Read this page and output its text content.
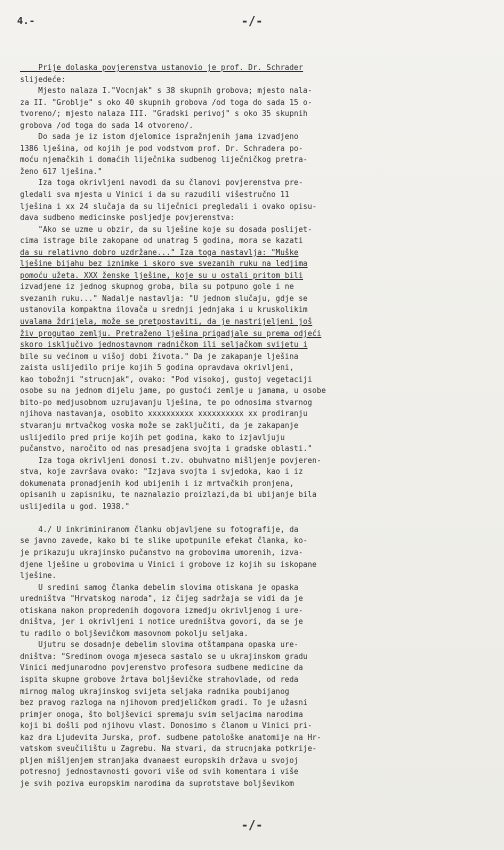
4.-	-/-
Prije dolaska povjerenstva ustanovio je prof. Dr. Schrader
slijedeće:
Mjesto nalaza I."Vocnjak" s 38 skupnih grobova; mjesto nala-
za II. "Groblje" s oko 40 skupnih grobova /od toga do sada 15 o-
tvoreno/; mjesto nalaza III. "Gradski perivoj" s oko 35 skupnih
grobova /od toga do sada 14 otvoreno/.
Do sada je iz istom djelomice ispražnjenih jama izvadjeno
1386 lješina, od kojih je pod vodstvom prof. Dr. Schradera po-
moću njemačkih i domaćih liječnika sudbenog liječničkog pretra-
ženo 617 lješina."
Iza toga okrivljeni navodi da su članovi povjerenstva pre-
gledali sva mjesta u Vinici i da su razudili višestručno 11
lješina i xx 24 slučaja da su liječnici pregledali i ovako opisu-
dava sudbeno medicinske posljedje povjerenstva:
"Ako se uzme u obzir, da su lješine koje su dosada poslijet-
cima istrage bile zakopane od unatrag 5 godina, mora se kazati
da su relativno dobro uzdržane..." Iza toga nastavlja: "Muške
lješine bijahu bez iznimke i skoro sve svezanih ruku na ledjima
pomoću užeta. XXX ženske lješine, koje su u ostali pritom bili
izvadjene iz jednog skupnog groba, bila su potpuno gole i ne
svezanih ruku..." Nadalje nastavlja: "U jednom slučaju, gdje se
ustanovila kompaktna ilovača u srednji jednjaka i u kruskolikim
uvalama ždrijela, može se pretpostaviti, da je nastrijeljeni još
živ progutao zemlju. Pretraženo lješina prigadjale su prema odjeći
skoro isključivo jednostavnom radničkom ili seljačkom svijetu i
bile su većinom u višoj dobi života." Da je zakapanje lješina
zaista uslijedilo prije kojih 5 godina opravdava okrivljeni,
kao tobožnji "strucnjak", ovako: "Pod visokoj, gustoj vegetaciji
osobe su na jednom dijelu jame, po gustoći zemlje u jamama, u osobe
bito-po medjusobnom uzrujavanju lješina, te po odnosima stvarnog
njihova nastavanja, osobito xxxxxxxxxx xxxxxxxxxx xx prodiranju
stvaranju mrtvačkog voska može se zaključiti, da je zakapanje
uslijedilo pred prije kojih pet godina, kako to izjavljuju
pučanstvo, naročito od nas presadjena svojta i gradske oblasti."
Iza toga okrivljeni donosi t.zv. obuhvatno mišljenje povjeren-
stva, koje završava ovako: "Izjava svojta i svjedoka, kao i iz
dokumenata pronadjenih kod ubijenih i iz mrtvačkih pronjena,
opisanih u zapisniku, te naznalazio proizlazi,da bi ubijanje bila
uslijedila u god. 1938."
4./ U inkriminiranom članku objavljene su fotografije, da
se javno zavede, kako bi te slike upotpunile efekat članka, ko-
je prikazuju ukrajinsko pučanstvo na grobovima umorenih, izva-
djene lješine u grobovima u Vinici i grobove iz kojih su iskopane
lješine.
U sredini samog članka debelim slovima otiskana je opaska
uredništva "Hrvatskog naroda", iz čijeg sadržaja se vidi da je
otiskana nakon propredenih dogovora izmedju okrivljenog i ure-
dništva, jer i okrivljeni i notice uredništva govori, da se je
tu radilo o boljševičkom masovnom pokolju seljaka.
Ujutru se dosadnje debelim slovima otštampana opaska ure-
dništva: "Sredinom ovoga mjeseca sastalo se u ukrajinskom gradu
Vinici medjunarodno povjerenstvo profesora sudbene medicine da
ispita skupne grobove žrtava boljševičke strahovlade, od reda
mirnog malog ukrajinskog svijeta seljaka radnika poubijanog
bez pravog razloga na njihovom predjeličkom gradi. To je užasni
primjer onoga, što boljševici spremaju svim seljacima narodima
koji bi došli pod njihovu vlast. Donosimo s članom u Vinici pri-
kaz dra Ljudevita Jurska, prof. sudbene patološke anatomije na Hr-
vatskom sveučilištu u Zagrebu. Na stvari, da strucnjaka potkrije-
pljen mišljenjem stranjaka dvanaest europskih država u svojoj
potresnoj jednostavnosti govori više od svih komentara i više
je svih poziva europskim narodima da suprotstave boljševikom
-/-
